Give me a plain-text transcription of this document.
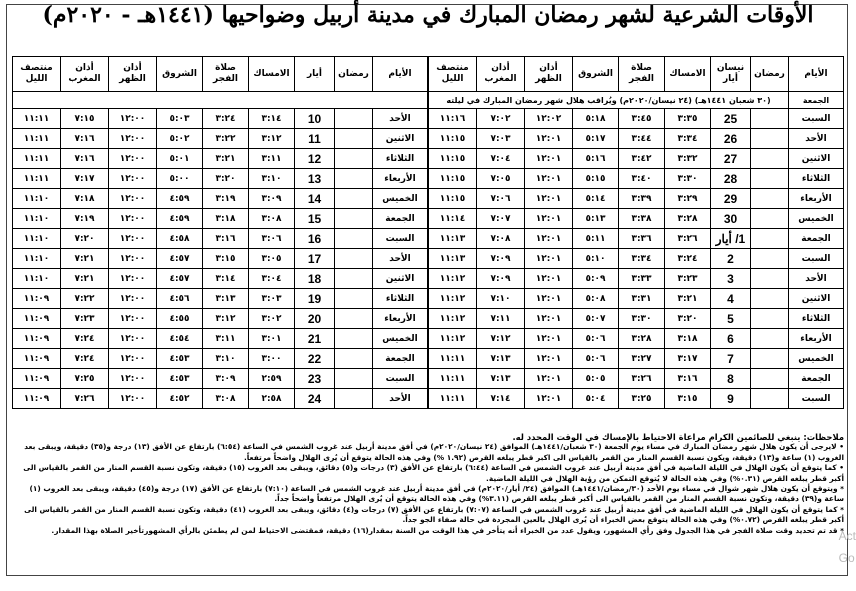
الأوقات الشرعية لشهر رمضان المبارك في مدينة أربيل وضواحيها (١٤٤١هـ - ٢٠٢٠م)
الأيام	رمضان	نيسان أيار	الامساك	صلاة الفجر	الشروق	أذان الظهر	أذان المغرب	منتصف الليل
الجمعة	(٣٠ شعبان ١٤٤١هـ) (٢٤ نيسان/٢٠٢٠م) ويُراقب هلال شهر رمضان المبارك في ليلته							
السبت		25	٣:٣٥	٣:٤٥	٥:١٨	١٢:٠٢	٧:٠٢	١١:١٦
الأحد		26	٣:٣٤	٣:٤٤	٥:١٧	١٢:٠١	٧:٠٣	١١:١٥
الاثنين		27	٣:٣٢	٣:٤٢	٥:١٦	١٢:٠١	٧:٠٤	١١:١٥
الثلاثاء		28	٣:٣٠	٣:٤٠	٥:١٥	١٢:٠١	٧:٠٥	١١:١٥
الأربعاء		29	٣:٢٩	٣:٣٩	٥:١٤	١٢:٠١	٧:٠٦	١١:١٥
الخميس		30	٣:٢٨	٣:٣٨	٥:١٣	١٢:٠١	٧:٠٧	١١:١٤
الجمعة		1/ أيار	٣:٢٦	٣:٣٦	٥:١١	١٢:٠١	٧:٠٨	١١:١٣
السبت		2	٣:٢٤	٣:٣٤	٥:١٠	١٢:٠١	٧:٠٩	١١:١٣
الأحد		3	٣:٢٣	٣:٣٣	٥:٠٩	١٢:٠١	٧:٠٩	١١:١٢
الاثنين		4	٣:٢١	٣:٣١	٥:٠٨	١٢:٠١	٧:١٠	١١:١٢
الثلاثاء		5	٣:٢٠	٣:٣٠	٥:٠٧	١٢:٠١	٧:١١	١١:١٢
الأربعاء		6	٣:١٨	٣:٢٨	٥:٠٦	١٢:٠١	٧:١٢	١١:١٢
الخميس		7	٣:١٧	٣:٢٧	٥:٠٦	١٢:٠١	٧:١٣	١١:١١
الجمعة		8	٣:١٦	٣:٢٦	٥:٠٥	١٢:٠١	٧:١٣	١١:١١
السبت		9	٣:١٥	٣:٢٥	٥:٠٤	١٢:٠١	٧:١٤	١١:١١
الأيام	رمضان	أيار	الامساك	صلاة الفجر	الشروق	أذان الظهر	أذان المغرب	منتصف الليل

الأحد		10	٣:١٤	٣:٢٤	٥:٠٣	١٢:٠٠	٧:١٥	١١:١١
الاثنين		11	٣:١٢	٣:٢٢	٥:٠٢	١٢:٠٠	٧:١٦	١١:١١
الثلاثاء		12	٣:١١	٣:٢١	٥:٠١	١٢:٠٠	٧:١٦	١١:١١
الأربعاء		13	٣:١٠	٣:٢٠	٥:٠٠	١٢:٠٠	٧:١٧	١١:١١
الخميس		14	٣:٠٩	٣:١٩	٤:٥٩	١٢:٠٠	٧:١٨	١١:١٠
الجمعة		15	٣:٠٨	٣:١٨	٤:٥٩	١٢:٠٠	٧:١٩	١١:١٠
السبت		16	٣:٠٦	٣:١٦	٤:٥٨	١٢:٠٠	٧:٢٠	١١:١٠
الأحد		17	٣:٠٥	٣:١٥	٤:٥٧	١٢:٠٠	٧:٢١	١١:١٠
الاثنين		18	٣:٠٤	٣:١٤	٤:٥٧	١٢:٠٠	٧:٢١	١١:١٠
الثلاثاء		19	٣:٠٣	٣:١٣	٤:٥٦	١٢:٠٠	٧:٢٢	١١:٠٩
الأربعاء		20	٣:٠٢	٣:١٢	٤:٥٥	١٢:٠٠	٧:٢٣	١١:٠٩
الخميس		21	٣:٠١	٣:١١	٤:٥٤	١٢:٠٠	٧:٢٤	١١:٠٩
الجمعة		22	٣:٠٠	٣:١٠	٤:٥٣	١٢:٠٠	٧:٢٤	١١:٠٩
السبت		23	٢:٥٩	٣:٠٩	٤:٥٣	١٢:٠٠	٧:٢٥	١١:٠٩
الأحد		24	٢:٥٨	٣:٠٨	٤:٥٢	١٢:٠٠	٧:٢٦	١١:٠٩

ملاحظات: ينبغي للصائمين الكرام مراعاة الاحتياط بالإمساك في الوقت المحدد له.

• لايرجى أن يكون هلال شهر رمضان المبارك في مساء يوم الجمعة (٣٠ شعبان/١٤٤١هـ) الموافق (٢٤ نيسان/٢٠٢٠م) في أفق مدينة أربيل عند غروب الشمس في الساعة (٦:٥٤) بارتفاع عن الأفق (١٣) درجة و(٣٥) دقيقة، ويبقى بعد الغروب (١) ساعة و(١٣) دقيقة، ويكون نسبة القسم المنار من القمر بالقياس الى اكبر قطر يبلغه القرص (١.٩٢ %) وفي هذه الحالة يتوقع أن يُرى الهلال واضحاً مرتفعاً.

• كما يتوقع أن يكون الهلال في الليلة الماضية في أفق مدينة أربيل عند غروب الشمس في الساعة (٦:٤٤) بارتفاع عن الأفق (٣) درجات و(٥) دقائق، ويبقى بعد الغروب (١٥) دقيقة، وتكون نسبة القسم المنار من القمر بالقياس الى أكبر قطر يبلغه القرص (٠.٣١%) وفي هذه الحالة لا يُتوقع التمكن من رؤية الهلال في الليلة الماضية.

* ويتوقع أن يكون هلال شهر شوال في مساء يوم الأحد (٣٠/رمضان/١٤٤١هـ) الموافق (٢٤/ أيار/٢٠٢٠م) في أفق مدينة أربيل عند غروب الشمس في الساعة (٧:١٠) بارتفاع عن الأفق (١٧) درجة و(٤٥) دقيقة، ويبقى بعد الغروب (١) ساعة و(٣٩) دقيقة، وتكون نسبة القسم المنار من القمر بالقياس الى أكبر قطر يبلغه القرص (٣.١١%) وفي هذه الحالة يتوقع أن يُرى الهلال مرتفعاً واضحاً جداً.

* كما يتوقع أن يكون الهلال في الليلة الماضية في أفق مدينة أربيل عند غروب الشمس في الساعة (٧:٠٧) بارتفاع عن الأفق (٧) درجات و(٤) دقائق، ويبقى بعد الغروب (٤١) دقيقة، وتكون نسبة القسم المنار من القمر بالقياس الى أكبر قطر يبلغه القرص (٠.٧٢%) وفي هذه الحالة يتوقع بعض الخبراء أن يُرى الهلال بالعين المجردة في حالة صفاء الجو جداً.

* قد تم تحديد وقت صلاة الفجر في هذا الجدول وفق رأي المشهور، ويقول عدد من الخبراء أنه يتأخر في هذا الوقت من السنة بمقدار(١٦) دقيقة، فمقتضى الاحتياط لمن لم يطمئن بالرأي المشهورتأخير الصلاة بهذا المقدار.

Act
Go
